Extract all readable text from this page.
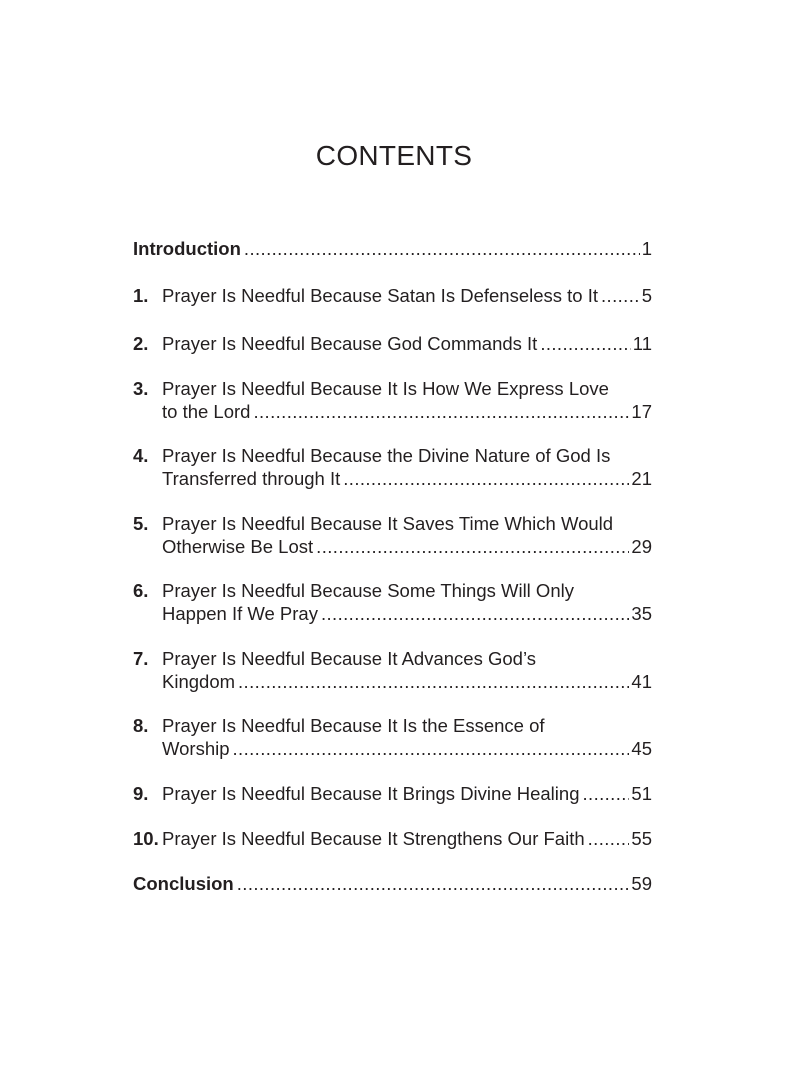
CONTENTS
Introduction .....	1
1. Prayer Is Needful Because Satan Is Defenseless to It ..... 5
2. Prayer Is Needful Because God Commands It .....	11
3. Prayer Is Needful Because It Is How We Express Love
to the Lord .....	17
4. Prayer Is Needful Because the Divine Nature of God Is
Transferred through It .....	21
5. Prayer Is Needful Because It Saves Time Which Would
Otherwise Be Lost .....	29
6. Prayer Is Needful Because Some Things Will Only
Happen If We Pray .....	35
7. Prayer Is Needful Because It Advances God’s
Kingdom .....	41
8. Prayer Is Needful Because It Is the Essence of
Worship .....	45
9. Prayer Is Needful Because It Brings Divine Healing .....	51
10. Prayer Is Needful Because It Strengthens Our Faith .....	55
Conclusion .....	59
